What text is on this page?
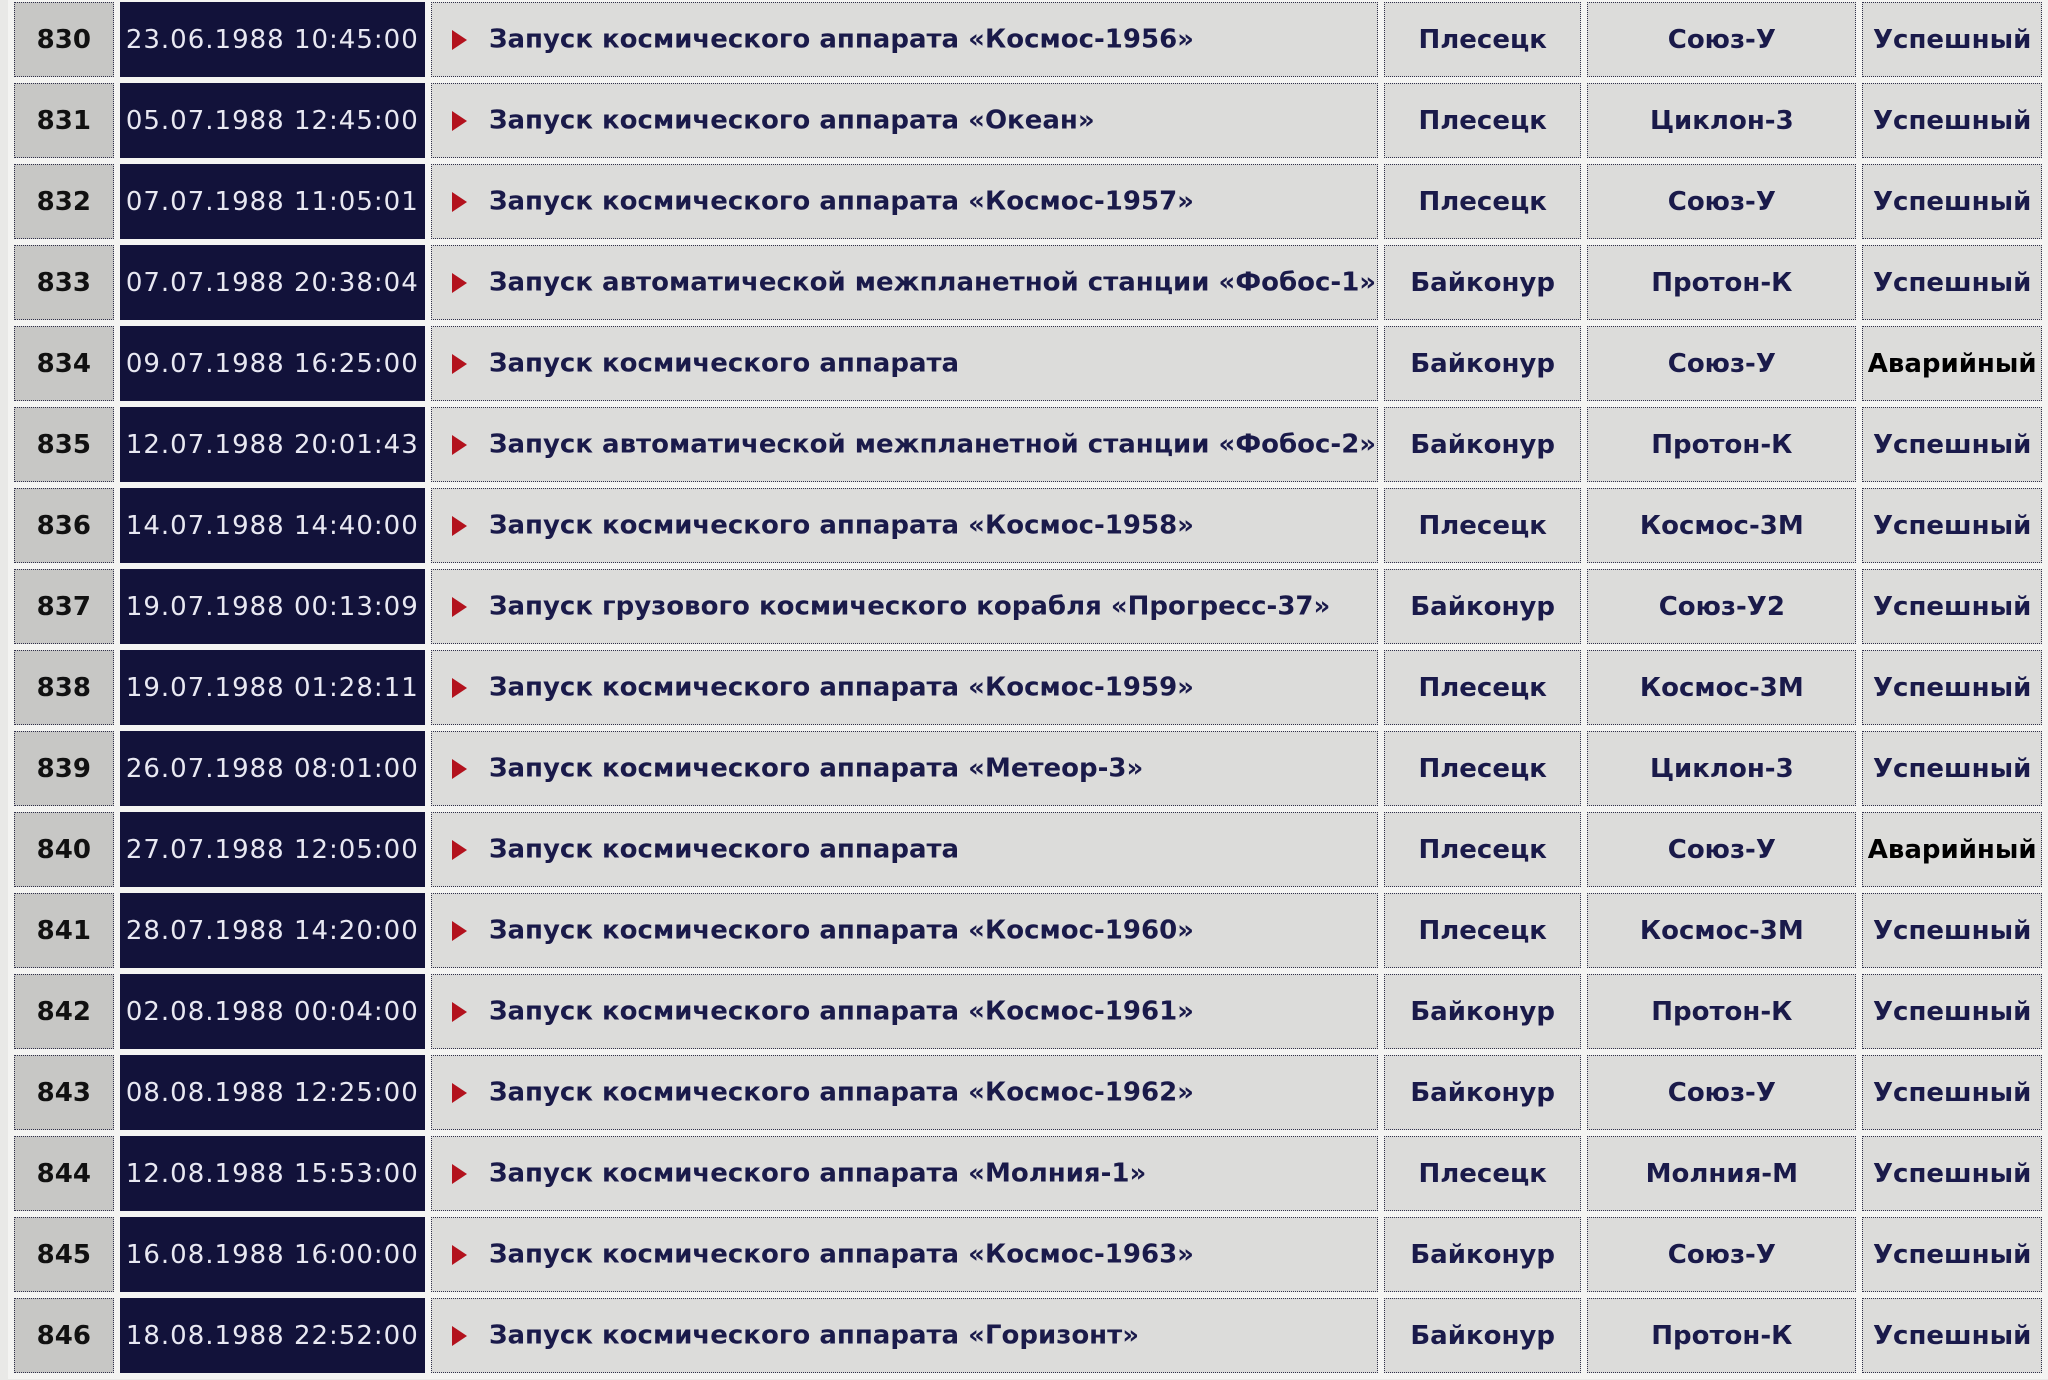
830	23.06.1988 10:45:00	Запуск космического аппарата «Космос-1956»	Плесецк	Союз-У	Успешный
831	05.07.1988 12:45:00	Запуск космического аппарата «Океан»	Плесецк	Циклон-3	Успешный
832	07.07.1988 11:05:01	Запуск космического аппарата «Космос-1957»	Плесецк	Союз-У	Успешный
833	07.07.1988 20:38:04	Запуск автоматической межпланетной станции «Фобос-1»	Байконур	Протон-К	Успешный
834	09.07.1988 16:25:00	Запуск космического аппарата	Байконур	Союз-У	Аварийный
835	12.07.1988 20:01:43	Запуск автоматической межпланетной станции «Фобос-2»	Байконур	Протон-К	Успешный
836	14.07.1988 14:40:00	Запуск космического аппарата «Космос-1958»	Плесецк	Космос-3М	Успешный
837	19.07.1988 00:13:09	Запуск грузового космического корабля «Прогресс-37»	Байконур	Союз-У2	Успешный
838	19.07.1988 01:28:11	Запуск космического аппарата «Космос-1959»	Плесецк	Космос-3М	Успешный
839	26.07.1988 08:01:00	Запуск космического аппарата «Метеор-3»	Плесецк	Циклон-3	Успешный
840	27.07.1988 12:05:00	Запуск космического аппарата	Плесецк	Союз-У	Аварийный
841	28.07.1988 14:20:00	Запуск космического аппарата «Космос-1960»	Плесецк	Космос-3М	Успешный
842	02.08.1988 00:04:00	Запуск космического аппарата «Космос-1961»	Байконур	Протон-К	Успешный
843	08.08.1988 12:25:00	Запуск космического аппарата «Космос-1962»	Байконур	Союз-У	Успешный
844	12.08.1988 15:53:00	Запуск космического аппарата «Молния-1»	Плесецк	Молния-М	Успешный
845	16.08.1988 16:00:00	Запуск космического аппарата «Космос-1963»	Байконур	Союз-У	Успешный
846	18.08.1988 22:52:00	Запуск космического аппарата «Горизонт»	Байконур	Протон-К	Успешный
